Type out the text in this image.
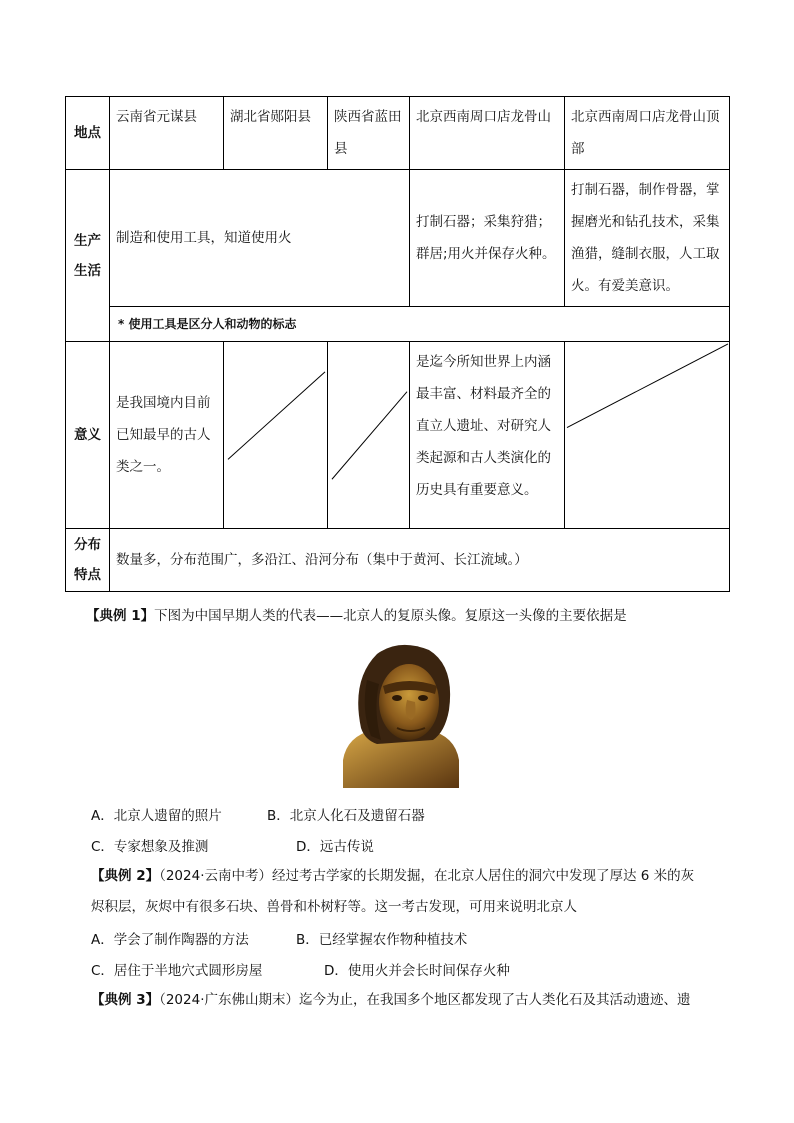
地点	云南省元谋县	湖北省郧阳县	陕西省蓝田县	北京西南周口店龙骨山	北京西南周口店龙骨山顶部

生产
生活	制造和使用工具，知道使用火			打制石器；采集狩猎；群居;用火并保存火种。	打制石器，制作骨器，掌握磨光和钻孔技术，采集渔猎，缝制衣服，人工取火。有爱美意识。
	* 使用工具是区分人和动物的标志				

意义	是我国境内目前已知最早的古人类之一。			是迄今所知世界上内涵最丰富、材料最齐全的直立人遗址、对研究人类起源和古人类演化的历史具有重要意义。	

分布
特点	数量多，分布范围广，多沿江、沿河分布（集中于黄河、长江流域。）				
【典例 1】下图为中国早期人类的代表——北京人的复原头像。复原这一头像的主要依据是
A．北京人遗留的照片	B．北京人化石及遗留石器
C．专家想象及推测	D．远古传说
【典例 2】（2024·云南中考）经过考古学家的长期发掘，在北京人居住的洞穴中发现了厚达 6 米的灰
烬积层，灰烬中有很多石块、兽骨和朴树籽等。这一考古发现，可用来说明北京人
A．学会了制作陶器的方法	B．已经掌握农作物种植技术
C．居住于半地穴式圆形房屋	D．使用火并会长时间保存火种
【典例 3】（2024·广东佛山期末）迄今为止，在我国多个地区都发现了古人类化石及其活动遗迹、遗
